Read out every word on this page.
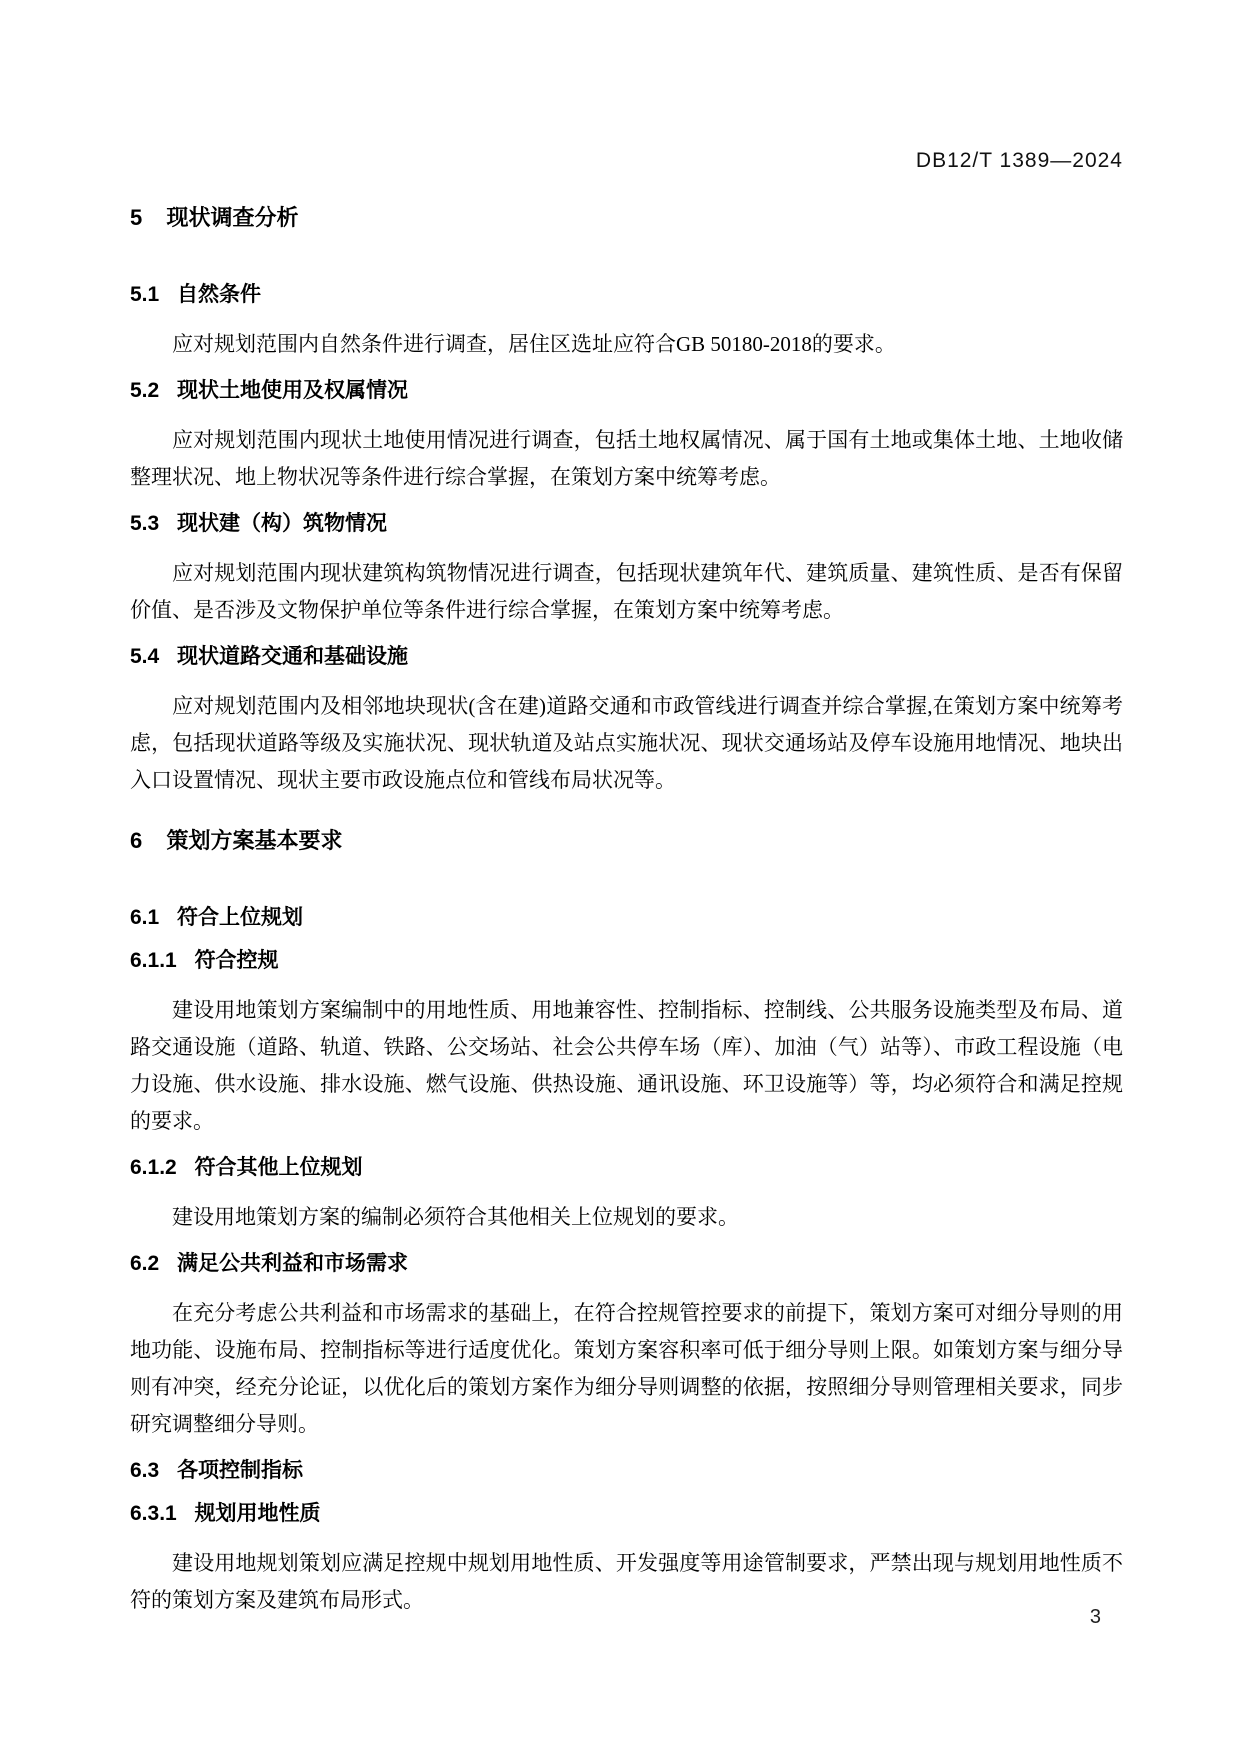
DB12/T 1389—2024
5 现状调查分析
5.1 自然条件

应对规划范围内自然条件进行调查，居住区选址应符合GB 50180-2018的要求。

5.2 现状土地使用及权属情况

应对规划范围内现状土地使用情况进行调查，包括土地权属情况、属于国有土地或集体土地、土地收储整理状况、地上物状况等条件进行综合掌握，在策划方案中统筹考虑。

5.3 现状建（构）筑物情况

应对规划范围内现状建筑构筑物情况进行调查，包括现状建筑年代、建筑质量、建筑性质、是否有保留价值、是否涉及文物保护单位等条件进行综合掌握，在策划方案中统筹考虑。

5.4 现状道路交通和基础设施

应对规划范围内及相邻地块现状(含在建)道路交通和市政管线进行调查并综合掌握,在策划方案中统筹考虑，包括现状道路等级及实施状况、现状轨道及站点实施状况、现状交通场站及停车设施用地情况、地块出入口设置情况、现状主要市政设施点位和管线布局状况等。

6 策划方案基本要求
6.1 符合上位规划
6.1.1 符合控规

建设用地策划方案编制中的用地性质、用地兼容性、控制指标、控制线、公共服务设施类型及布局、道路交通设施（道路、轨道、铁路、公交场站、社会公共停车场（库）、加油（气）站等）、市政工程设施（电力设施、供水设施、排水设施、燃气设施、供热设施、通讯设施、环卫设施等）等，均必须符合和满足控规的要求。

6.1.2 符合其他上位规划

建设用地策划方案的编制必须符合其他相关上位规划的要求。

6.2 满足公共利益和市场需求

在充分考虑公共利益和市场需求的基础上，在符合控规管控要求的前提下，策划方案可对细分导则的用地功能、设施布局、控制指标等进行适度优化。策划方案容积率可低于细分导则上限。如策划方案与细分导则有冲突，经充分论证，以优化后的策划方案作为细分导则调整的依据，按照细分导则管理相关要求，同步研究调整细分导则。

6.3 各项控制指标
6.3.1 规划用地性质

建设用地规划策划应满足控规中规划用地性质、开发强度等用途管制要求，严禁出现与规划用地性质不符的策划方案及建筑布局形式。

3
